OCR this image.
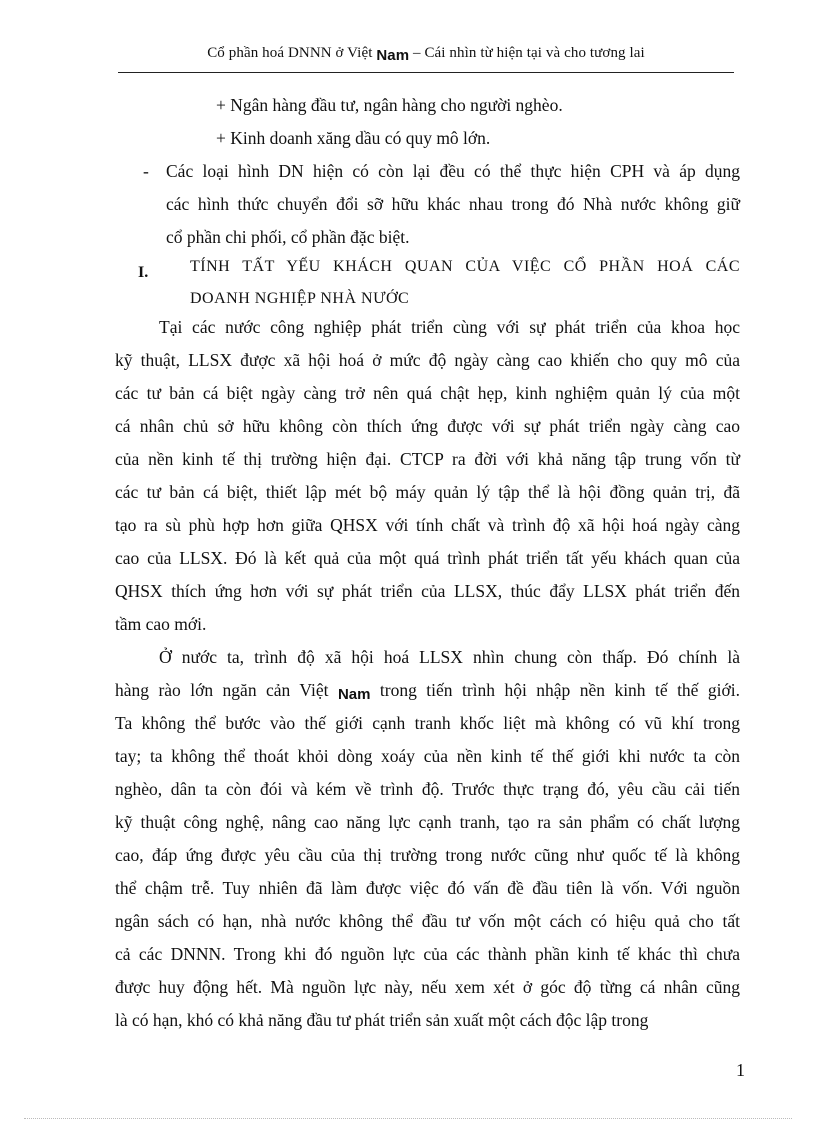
Cổ phần hoá DNNN ở Việt Nam – Cái nhìn từ hiện tại và cho tương lai
+ Ngân hàng đầu tư, ngân hàng cho người nghèo.
+ Kinh doanh xăng dầu có quy mô lớn.
- Các loại hình DN hiện có còn lại đều có thể thực hiện CPH và áp dụng
các hình thức chuyển đổi sỡ hữu khác nhau trong đó Nhà nước không giữ
cổ phần chi phối, cổ phần đặc biệt.
I.	TÍNH TẤT YẾU KHÁCH QUAN CỦA VIỆC CỔ PHẦN HOÁ CÁC
DOANH NGHIỆP NHÀ NƯỚC
Tại các nước công nghiệp phát triển cùng với sự phát triển của khoa học
kỹ thuật, LLSX được xã hội hoá ở mức độ ngày càng cao khiến cho quy mô của
các tư bản cá biệt ngày càng trở nên quá chật hẹp, kinh nghiệm quản lý của một
cá nhân chủ sở hữu không còn thích ứng được với sự phát triển ngày càng cao
của nền kinh tế thị trường hiện đại. CTCP ra đời với khả năng tập trung vốn từ
các tư bản cá biệt, thiết lập mét bộ máy quản lý tập thể là hội đồng quản trị, đã
tạo ra sù phù hợp hơn giữa QHSX với tính chất và trình độ xã hội hoá ngày càng
cao của LLSX. Đó là kết quả của một quá trình phát triển tất yếu khách quan của
QHSX thích ứng hơn với sự phát triển của LLSX, thúc đẩy LLSX phát triển đến
tầm cao mới.
Ở nước ta, trình độ xã hội hoá LLSX nhìn chung còn thấp. Đó chính là
hàng rào lớn ngăn cản Việt Nam trong tiến trình hội nhập nền kinh tế thế giới.
Ta không thể bước vào thế giới cạnh tranh khốc liệt mà không có vũ khí trong
tay; ta không thể thoát khỏi dòng xoáy của nền kinh tế thế giới khi nước ta còn
nghèo, dân ta còn đói và kém về trình độ. Trước thực trạng đó, yêu cầu cải tiến
kỹ thuật công nghệ, nâng cao năng lực cạnh tranh, tạo ra sản phẩm có chất lượng
cao, đáp ứng được yêu cầu của thị trường trong nước cũng như quốc tế là không
thể chậm trễ. Tuy nhiên đã làm được việc đó vấn đề đầu tiên là vốn. Với nguồn
ngân sách có hạn, nhà nước không thể đầu tư vốn một cách có hiệu quả cho tất
cả các DNNN. Trong khi đó nguồn lực của các thành phần kinh tế khác thì chưa
được huy động hết. Mà nguồn lực này, nếu xem xét ở góc độ từng cá nhân cũng
là có hạn, khó có khả năng đầu tư phát triển sản xuất một cách độc lập trong
1
